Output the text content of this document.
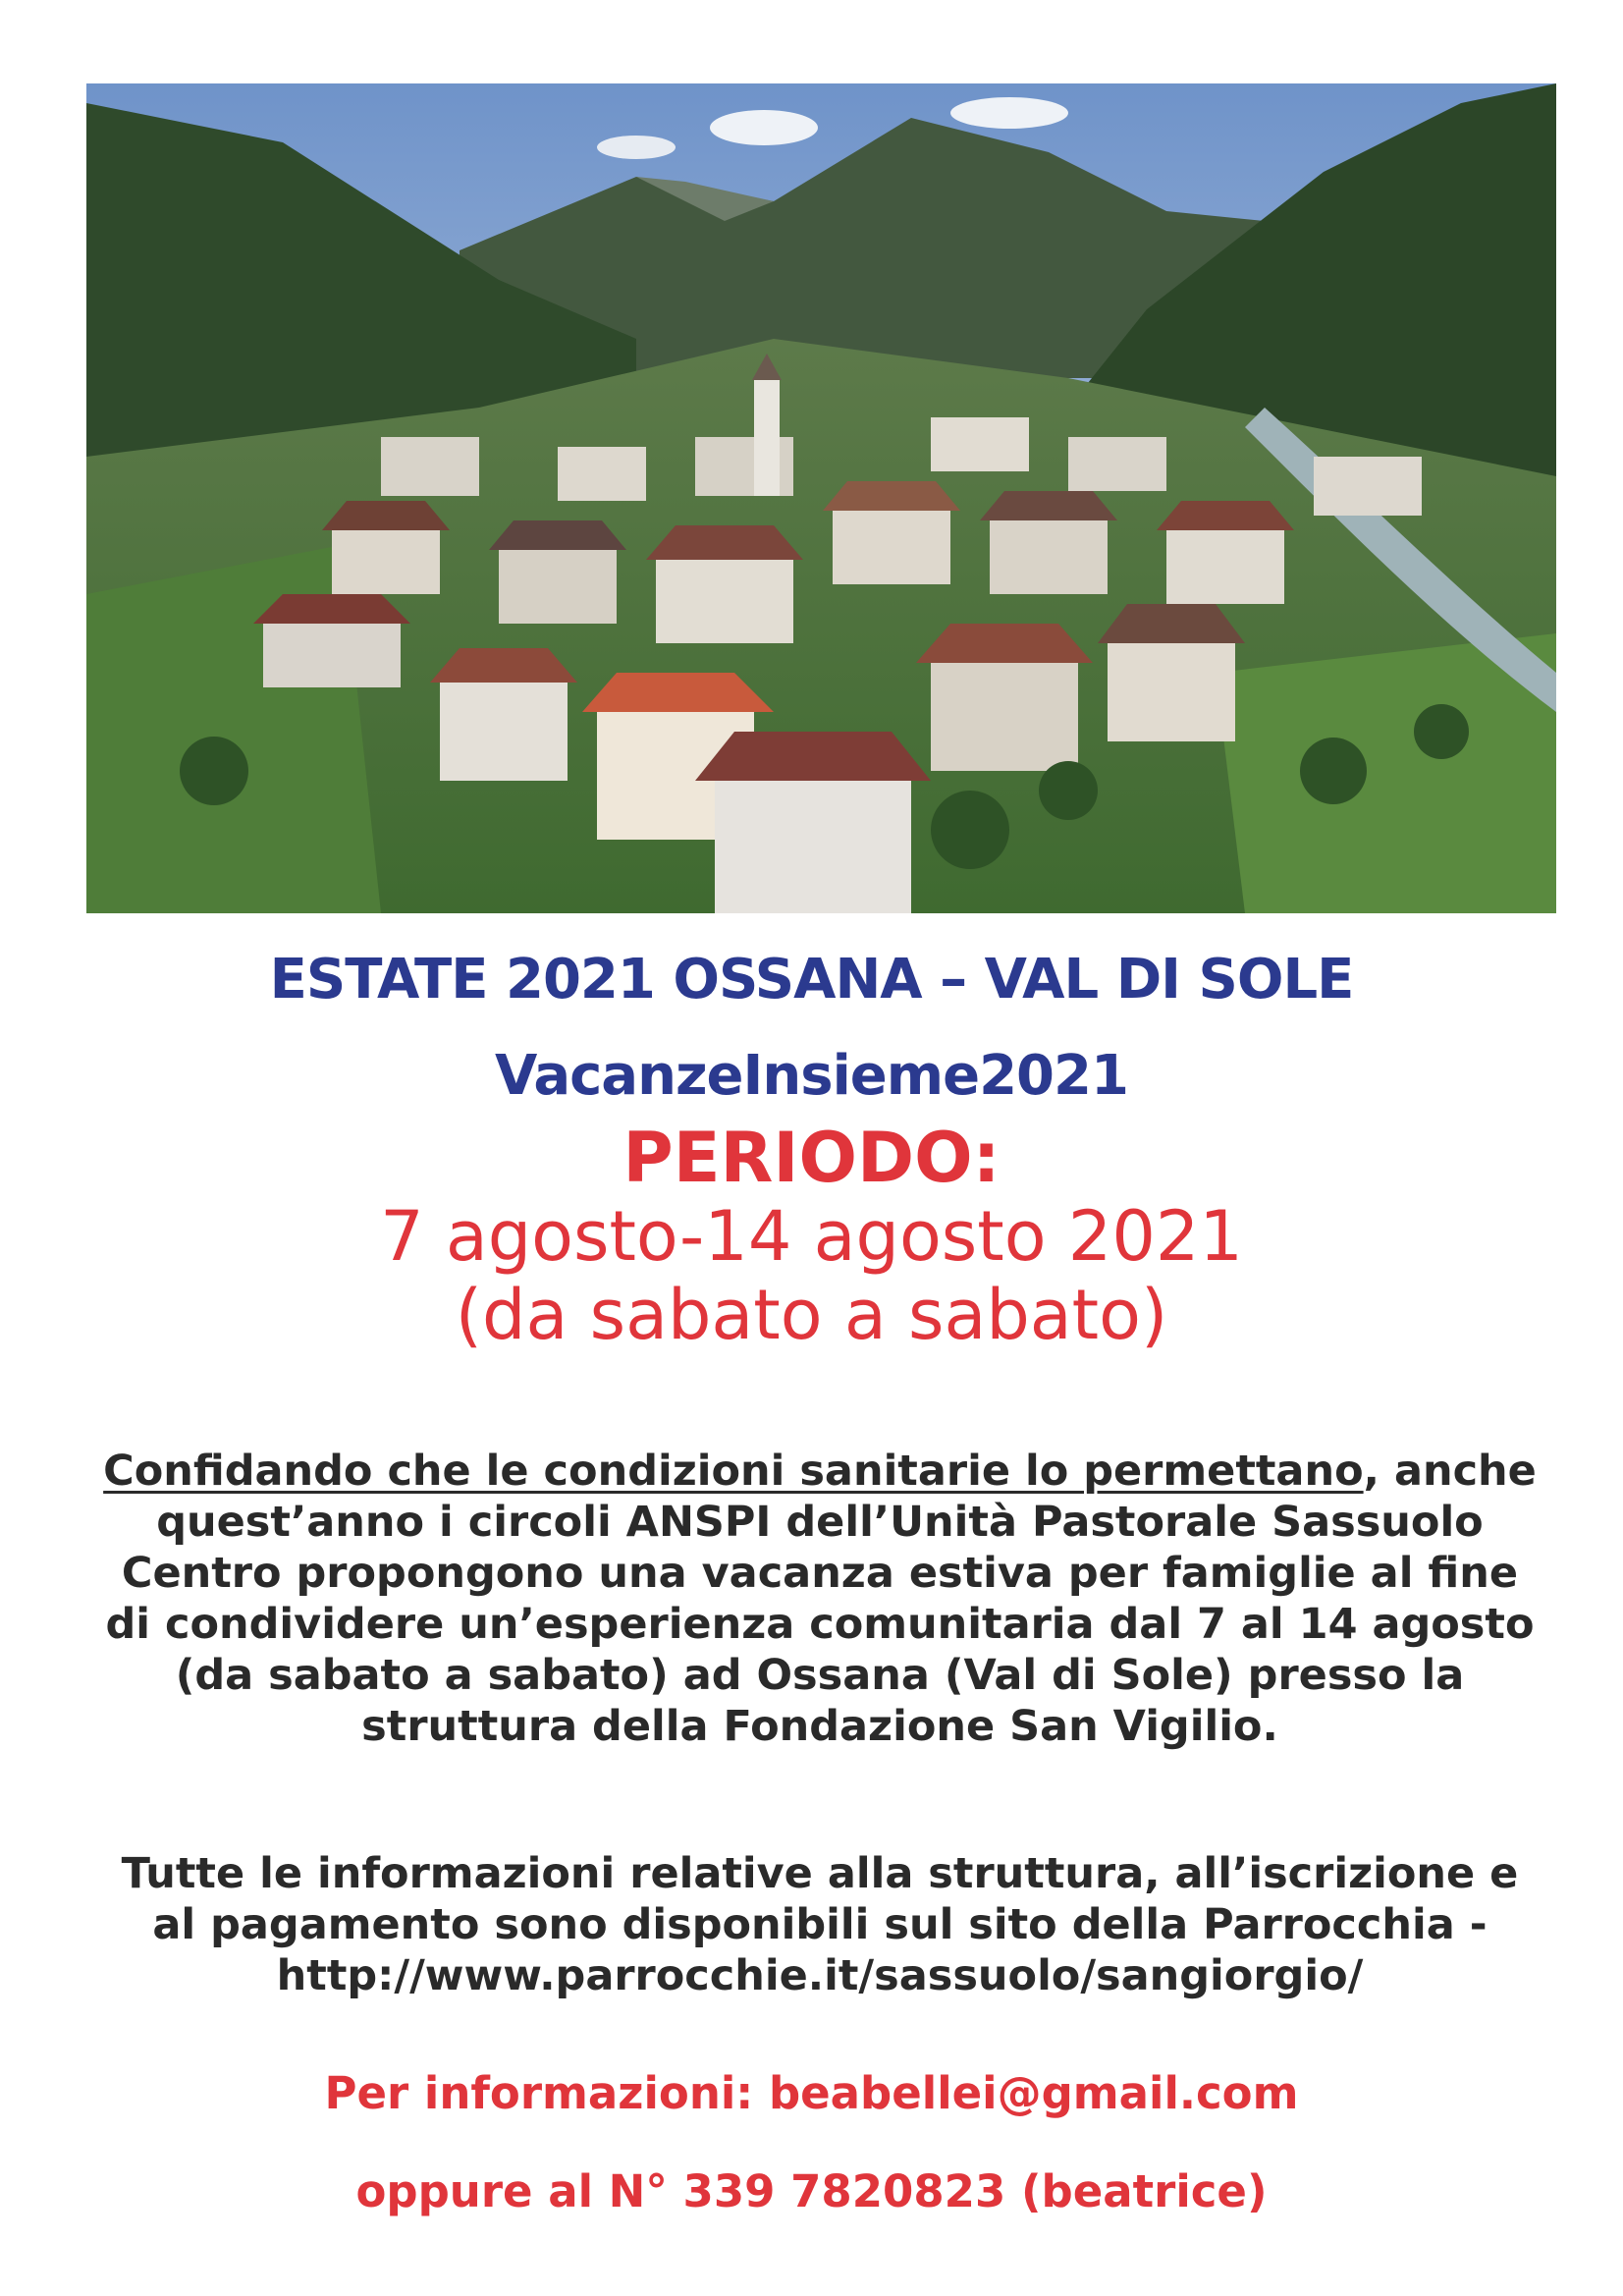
ESTATE 2021 OSSANA – VAL DI SOLE

VacanzeInsieme2021

PERIODO:

7 agosto-14 agosto 2021

(da sabato a sabato)

Confidando che le condizioni sanitarie lo permettano, anche quest’anno i circoli ANSPI dell’Unità Pastorale Sassuolo Centro propongono una vacanza estiva per famiglie al fine di condividere un’esperienza comunitaria dal 7 al 14 agosto (da sabato a sabato) ad Ossana (Val di Sole) presso la struttura della Fondazione San Vigilio.

Tutte le informazioni relative alla struttura, all’iscrizione e al pagamento sono disponibili sul sito della Parrocchia - http://www.parrocchie.it/sassuolo/sangiorgio/

Per informazioni: beabellei@gmail.com

oppure al N° 339 7820823 (beatrice)
